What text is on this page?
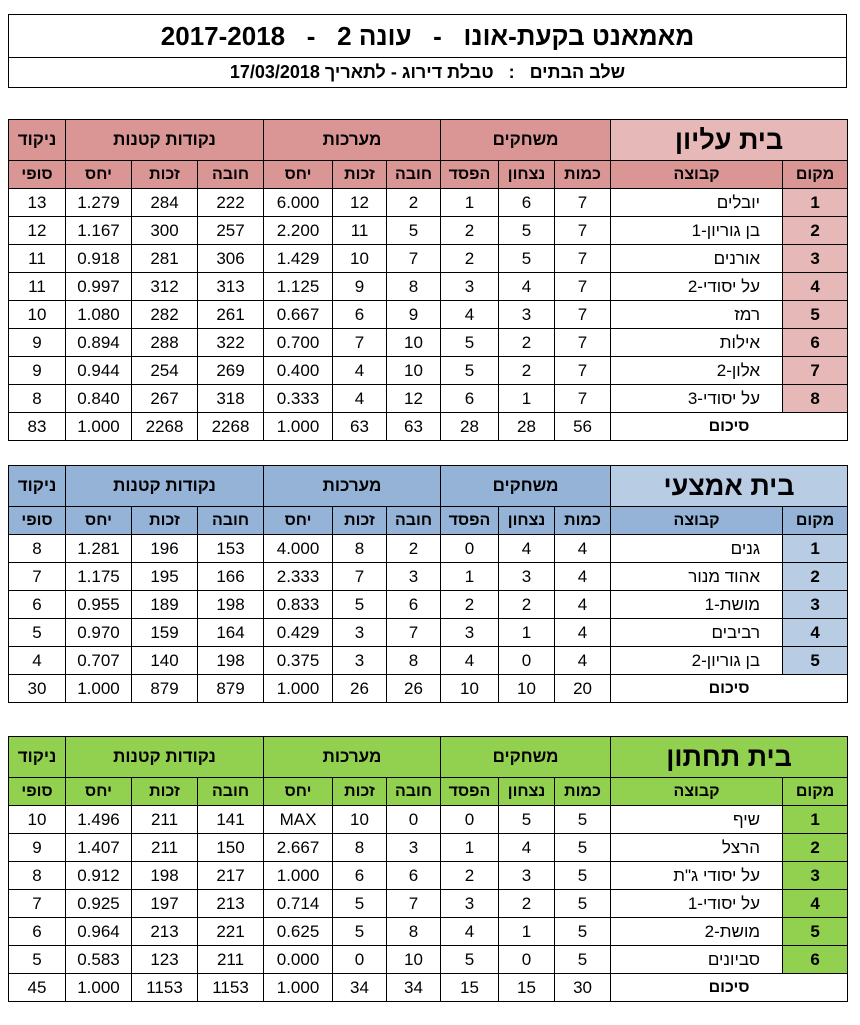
מאמאנט בקעת-אונו   -   עונה 2   -   2017-2018
שלב הבתים   :   טבלת דירוג - לתאריך 17/03/2018
ניקוד	נקודות קטנות			מערכות			משחקים			בית עליון	
סופי	יחס	זכות	חובה	יחס	זכות	חובה	הפסד	נצחון	כמות	קבוצה	מקום
13	1.279	284	222	6.000	12	2	1	6	7	יובלים	1
12	1.167	300	257	2.200	11	5	2	5	7	בן גוריון-1	2
11	0.918	281	306	1.429	10	7	2	5	7	אורנים	3
11	0.997	312	313	1.125	9	8	3	4	7	על יסודי-2	4
10	1.080	282	261	0.667	6	9	4	3	7	רמז	5
9	0.894	288	322	0.700	7	10	5	2	7	אילות	6
9	0.944	254	269	0.400	4	10	5	2	7	אלון-2	7
8	0.840	267	318	0.333	4	12	6	1	7	על יסודי-3	8
83	1.000	2268	2268	1.000	63	63	28	28	56	סיכום	
ניקוד	נקודות קטנות			מערכות			משחקים			בית אמצעי	
סופי	יחס	זכות	חובה	יחס	זכות	חובה	הפסד	נצחון	כמות	קבוצה	מקום
8	1.281	196	153	4.000	8	2	0	4	4	גנים	1
7	1.175	195	166	2.333	7	3	1	3	4	אהוד מנור	2
6	0.955	189	198	0.833	5	6	2	2	4	מושת-1	3
5	0.970	159	164	0.429	3	7	3	1	4	רביבים	4
4	0.707	140	198	0.375	3	8	4	0	4	בן גוריון-2	5
30	1.000	879	879	1.000	26	26	10	10	20	סיכום	
ניקוד	נקודות קטנות			מערכות			משחקים			בית תחתון	
סופי	יחס	זכות	חובה	יחס	זכות	חובה	הפסד	נצחון	כמות	קבוצה	מקום
10	1.496	211	141	MAX	10	0	0	5	5	שיף	1
9	1.407	211	150	2.667	8	3	1	4	5	הרצל	2
8	0.912	198	217	1.000	6	6	2	3	5	על יסודי ג"ת	3
7	0.925	197	213	0.714	5	7	3	2	5	על יסודי-1	4
6	0.964	213	221	0.625	5	8	4	1	5	מושת-2	5
5	0.583	123	211	0.000	0	10	5	0	5	סביונים	6
45	1.000	1153	1153	1.000	34	34	15	15	30	סיכום	
